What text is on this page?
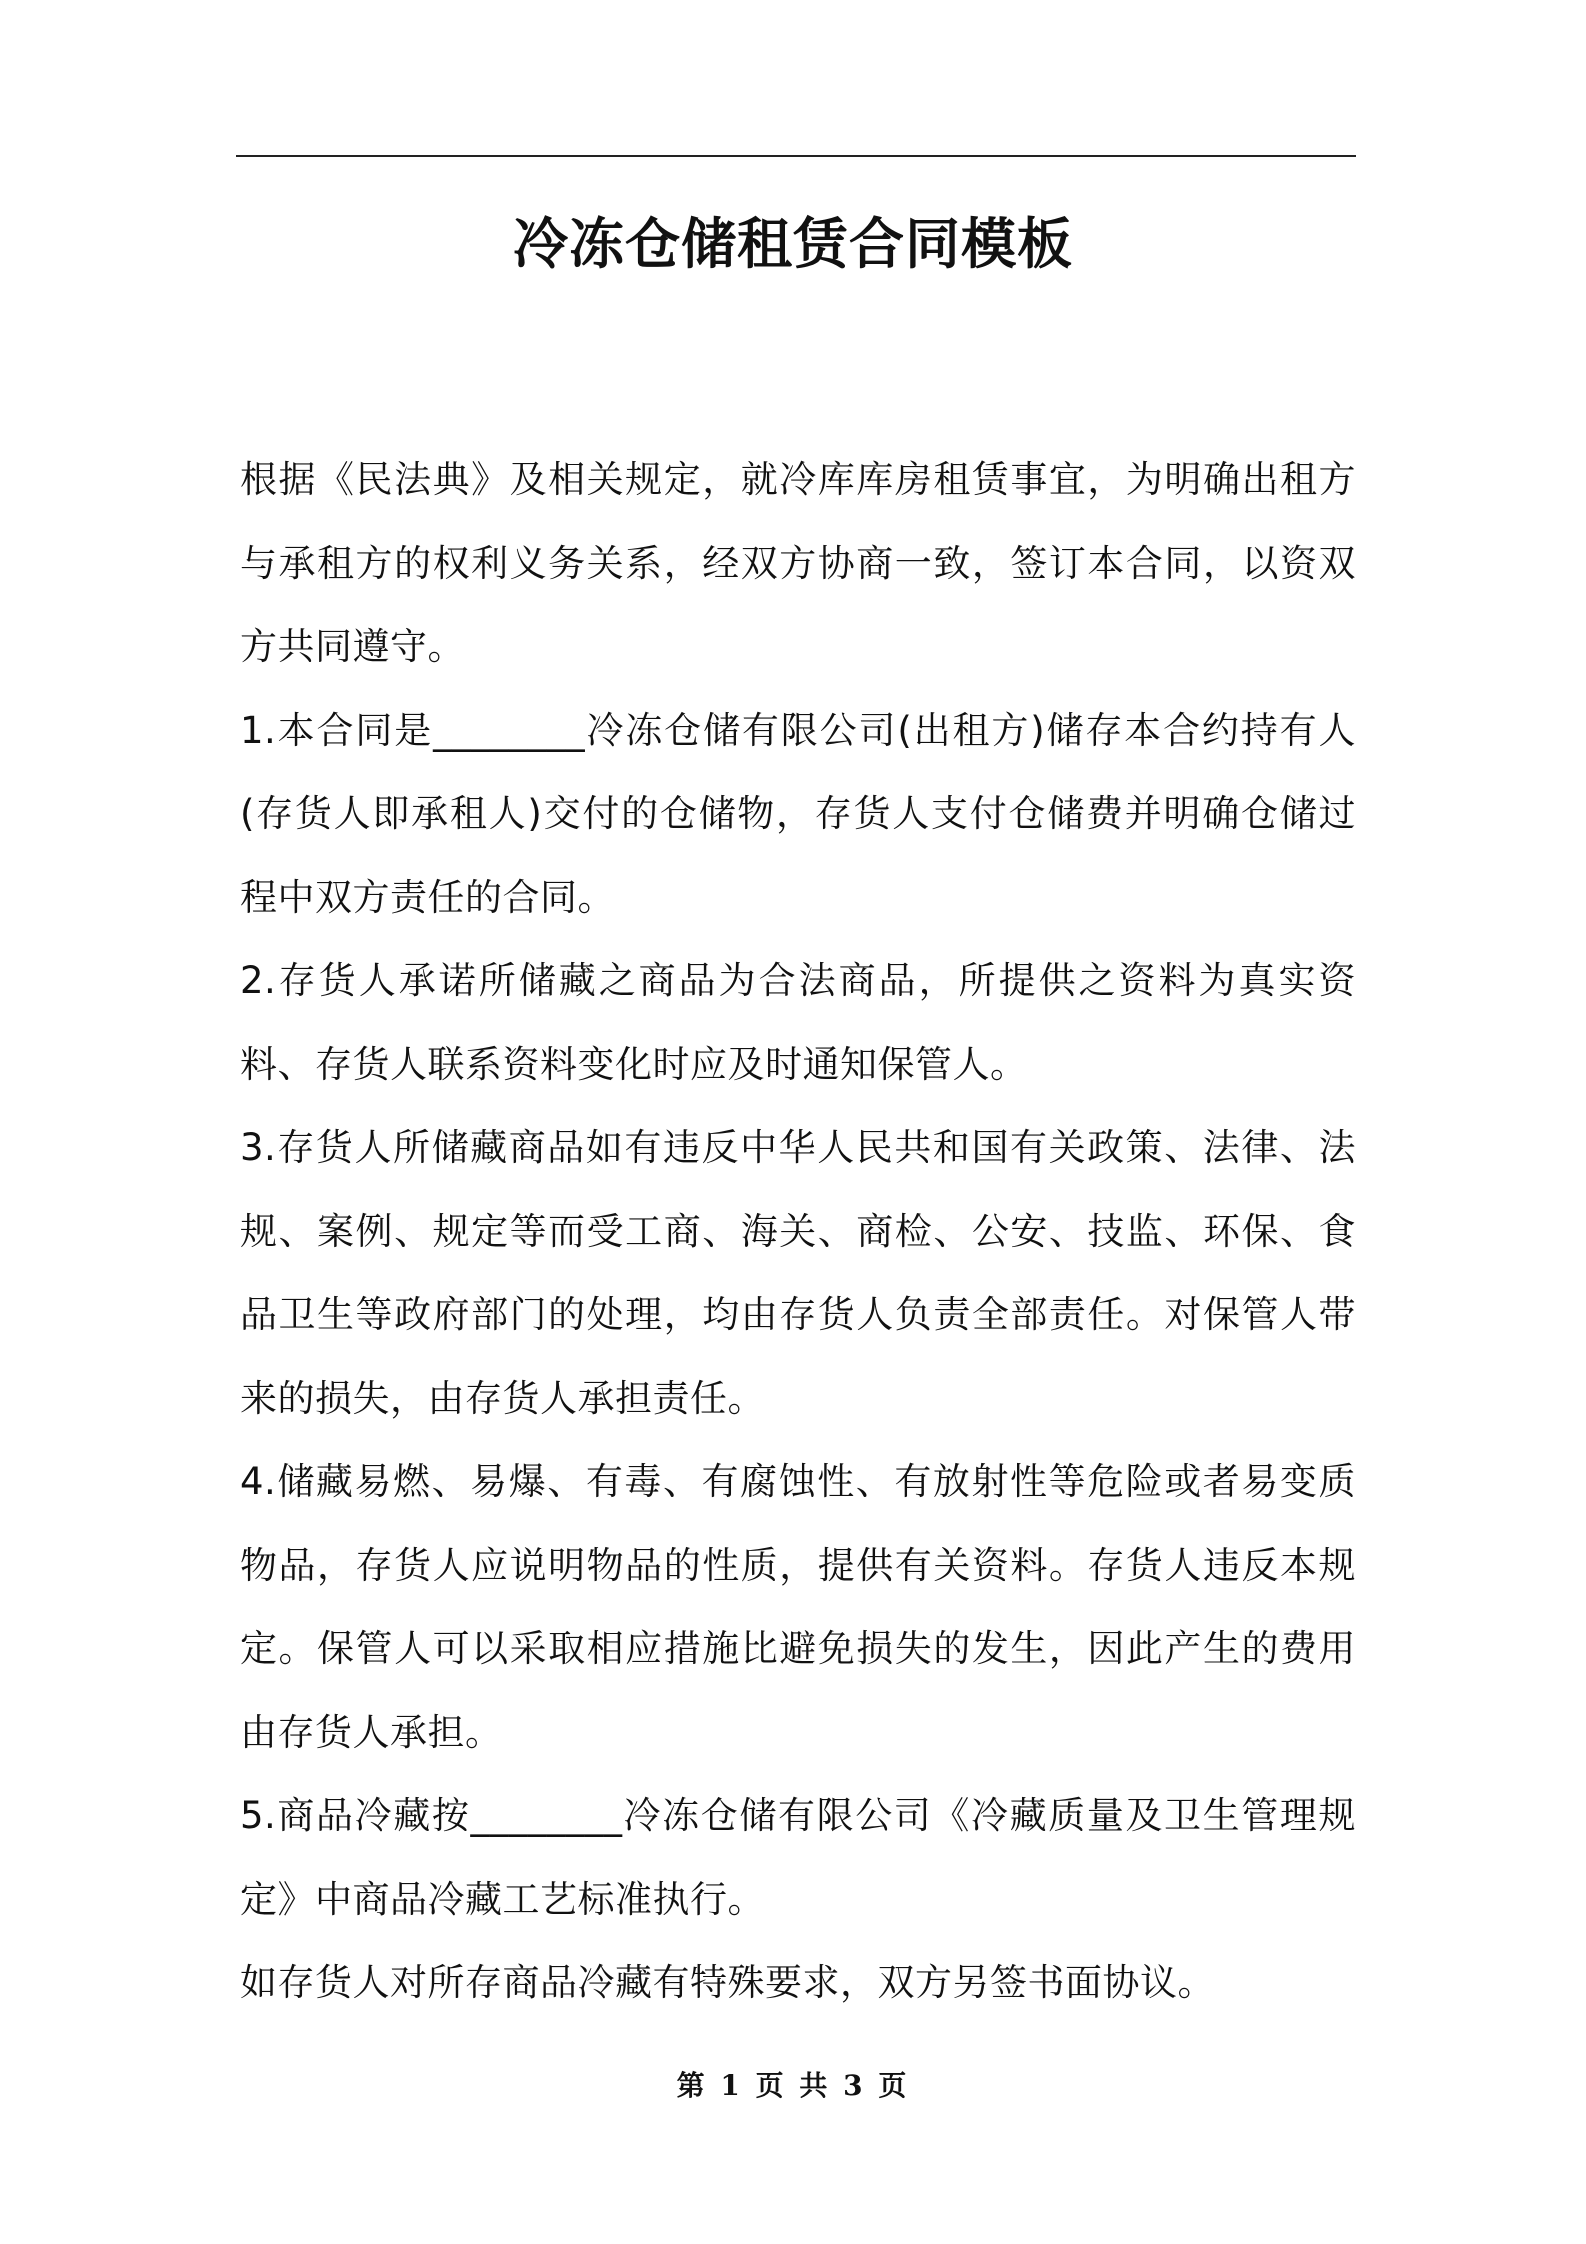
冷冻仓储租赁合同模板

根据《民法典》及相关规定，就冷库库房租赁事宜，为明确出租方与承租方的权利义务关系，经双方协商一致，签订本合同，以资双方共同遵守。

1.本合同是________冷冻仓储有限公司(出租方)储存本合约持有人(存货人即承租人)交付的仓储物，存货人支付仓储费并明确仓储过程中双方责任的合同。

2.存货人承诺所储藏之商品为合法商品，所提供之资料为真实资料、存货人联系资料变化时应及时通知保管人。

3.存货人所储藏商品如有违反中华人民共和国有关政策、法律、法规、案例、规定等而受工商、海关、商检、公安、技监、环保、食品卫生等政府部门的处理，均由存货人负责全部责任。对保管人带来的损失，由存货人承担责任。

4.储藏易燃、易爆、有毒、有腐蚀性、有放射性等危险或者易变质物品，存货人应说明物品的性质，提供有关资料。存货人违反本规定。保管人可以采取相应措施比避免损失的发生，因此产生的费用由存货人承担。

5.商品冷藏按________冷冻仓储有限公司《冷藏质量及卫生管理规定》中商品冷藏工艺标准执行。

如存货人对所存商品冷藏有特殊要求，双方另签书面协议。

第 1 页 共 3 页
